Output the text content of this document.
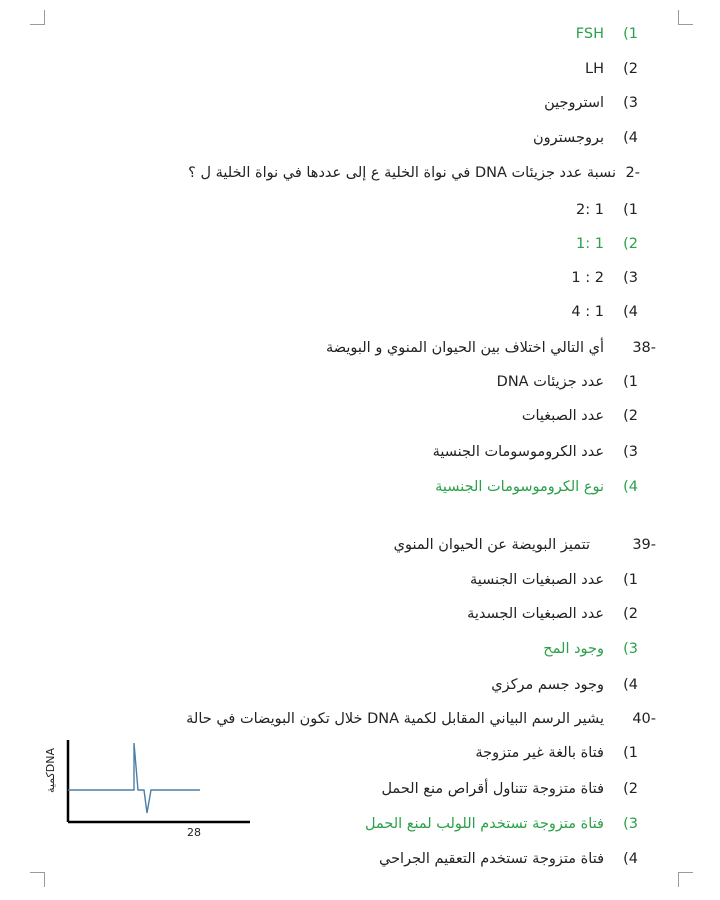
1)FSH
2)LH
3)استروجين
4)بروجسترون
-2نسبة عدد جزيئات DNA في نواة الخلية ع إلى عددها في نواة الخلية ل ؟
1)1 :2
2)1 :1
3)2 : 1
4)1 : 4
-38أي التالي اختلاف بين الحيوان المنوي و البويضة
1)عدد جزيئات DNA
2)عدد الصبغيات
3)عدد الكروموسومات الجنسية
4)نوع الكروموسومات الجنسية
-39تتميز البويضة عن الحيوان المنوي
1)عدد الصبغيات الجنسية
2)عدد الصبغيات الجسدية
3)وجود المح
4)وجود جسم مركزي
-40يشير الرسم البياني المقابل لكمية DNA خلال تكون البويضات في حالة
1)فتاة بالغة غير متزوجة
2)فتاة متزوجة تتناول أقراص منع الحمل
3)فتاة متزوجة تستخدم اللولب لمنع الحمل
4)فتاة متزوجة تستخدم التعقيم الجراحي
كميةDNA
28
